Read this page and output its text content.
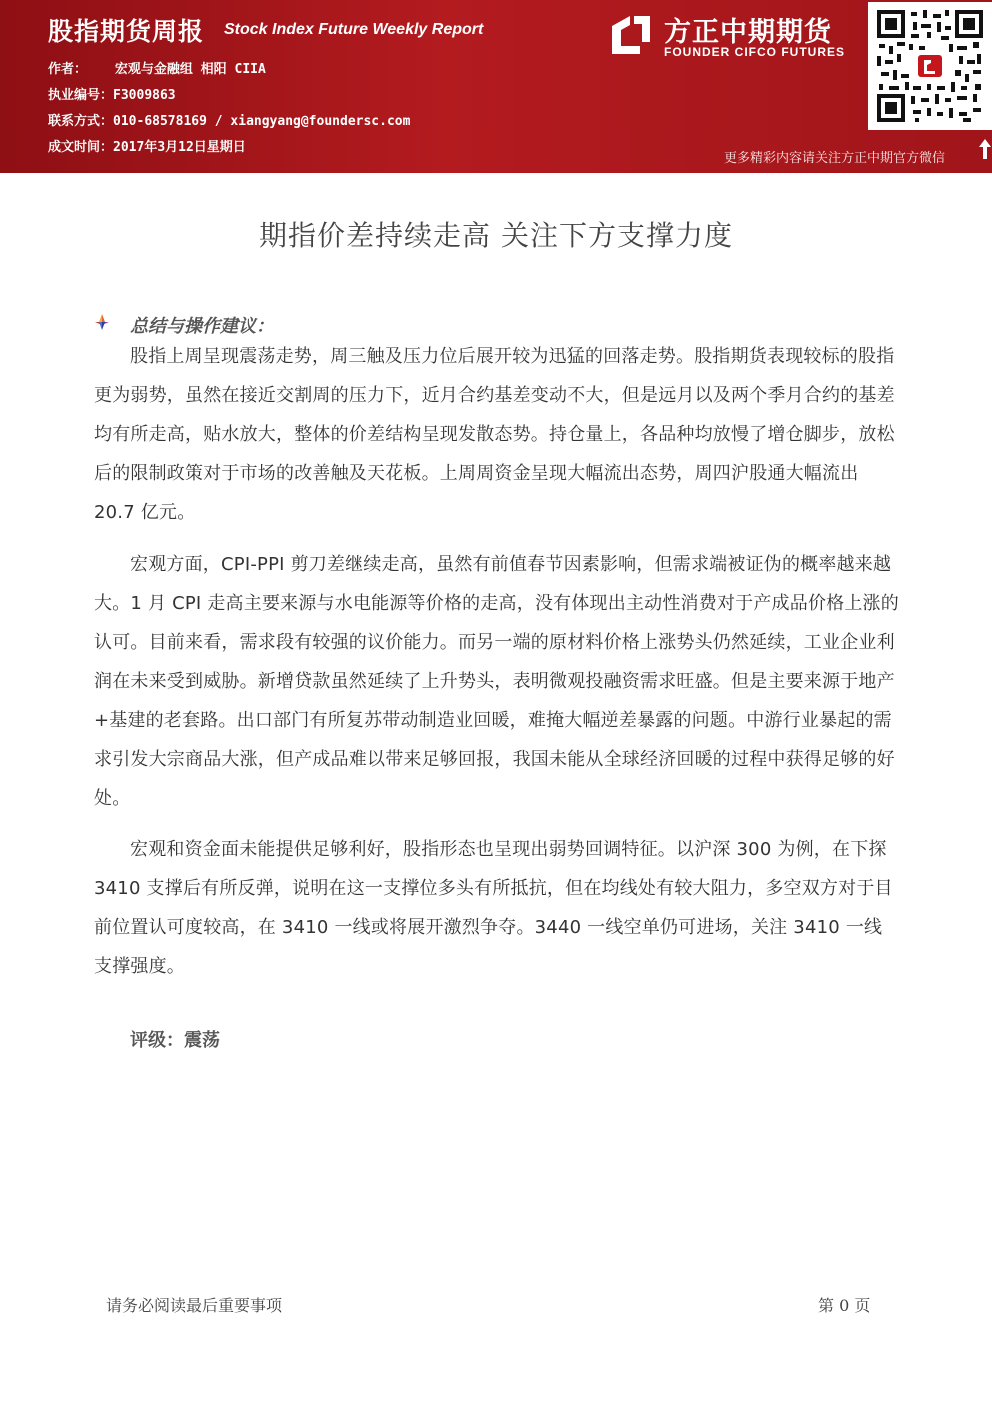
股指期货周报 Stock Index Future Weekly Report
作者： 宏观与金融组 相阳 CIIA
执业编号：F3009863
联系方式：010-68578169 / xiangyang@foundersc.com
成文时间：2017年3月12日星期日
方正中期期货
FOUNDER CIFCO FUTURES
更多精彩内容请关注方正中期官方微信
期指价差持续走高 关注下方支撑力度
总结与操作建议：

股指上周呈现震荡走势，周三触及压力位后展开较为迅猛的回落走势。股指期货表现较标的股指更为弱势，虽然在接近交割周的压力下，近月合约基差变动不大，但是远月以及两个季月合约的基差均有所走高，贴水放大，整体的价差结构呈现发散态势。持仓量上，各品种均放慢了增仓脚步，放松后的限制政策对于市场的改善触及天花板。上周周资金呈现大幅流出态势，周四沪股通大幅流出 20.7 亿元。

宏观方面，CPI-PPI 剪刀差继续走高，虽然有前值春节因素影响，但需求端被证伪的概率越来越大。1 月 CPI 走高主要来源与水电能源等价格的走高，没有体现出主动性消费对于产成品价格上涨的认可。目前来看，需求段有较强的议价能力。而另一端的原材料价格上涨势头仍然延续，工业企业利润在未来受到威胁。新增贷款虽然延续了上升势头，表明微观投融资需求旺盛。但是主要来源于地产+基建的老套路。出口部门有所复苏带动制造业回暖，难掩大幅逆差暴露的问题。中游行业暴起的需求引发大宗商品大涨，但产成品难以带来足够回报，我国未能从全球经济回暖的过程中获得足够的好处。

宏观和资金面未能提供足够利好，股指形态也呈现出弱势回调特征。以沪深 300 为例，在下探 3410 支撑后有所反弹，说明在这一支撑位多头有所抵抗，但在均线处有较大阻力，多空双方对于目前位置认可度较高，在 3410 一线或将展开激烈争夺。3440 一线空单仍可进场，关注 3410 一线支撑强度。

评级：震荡
请务必阅读最后重要事项	第 0 页
